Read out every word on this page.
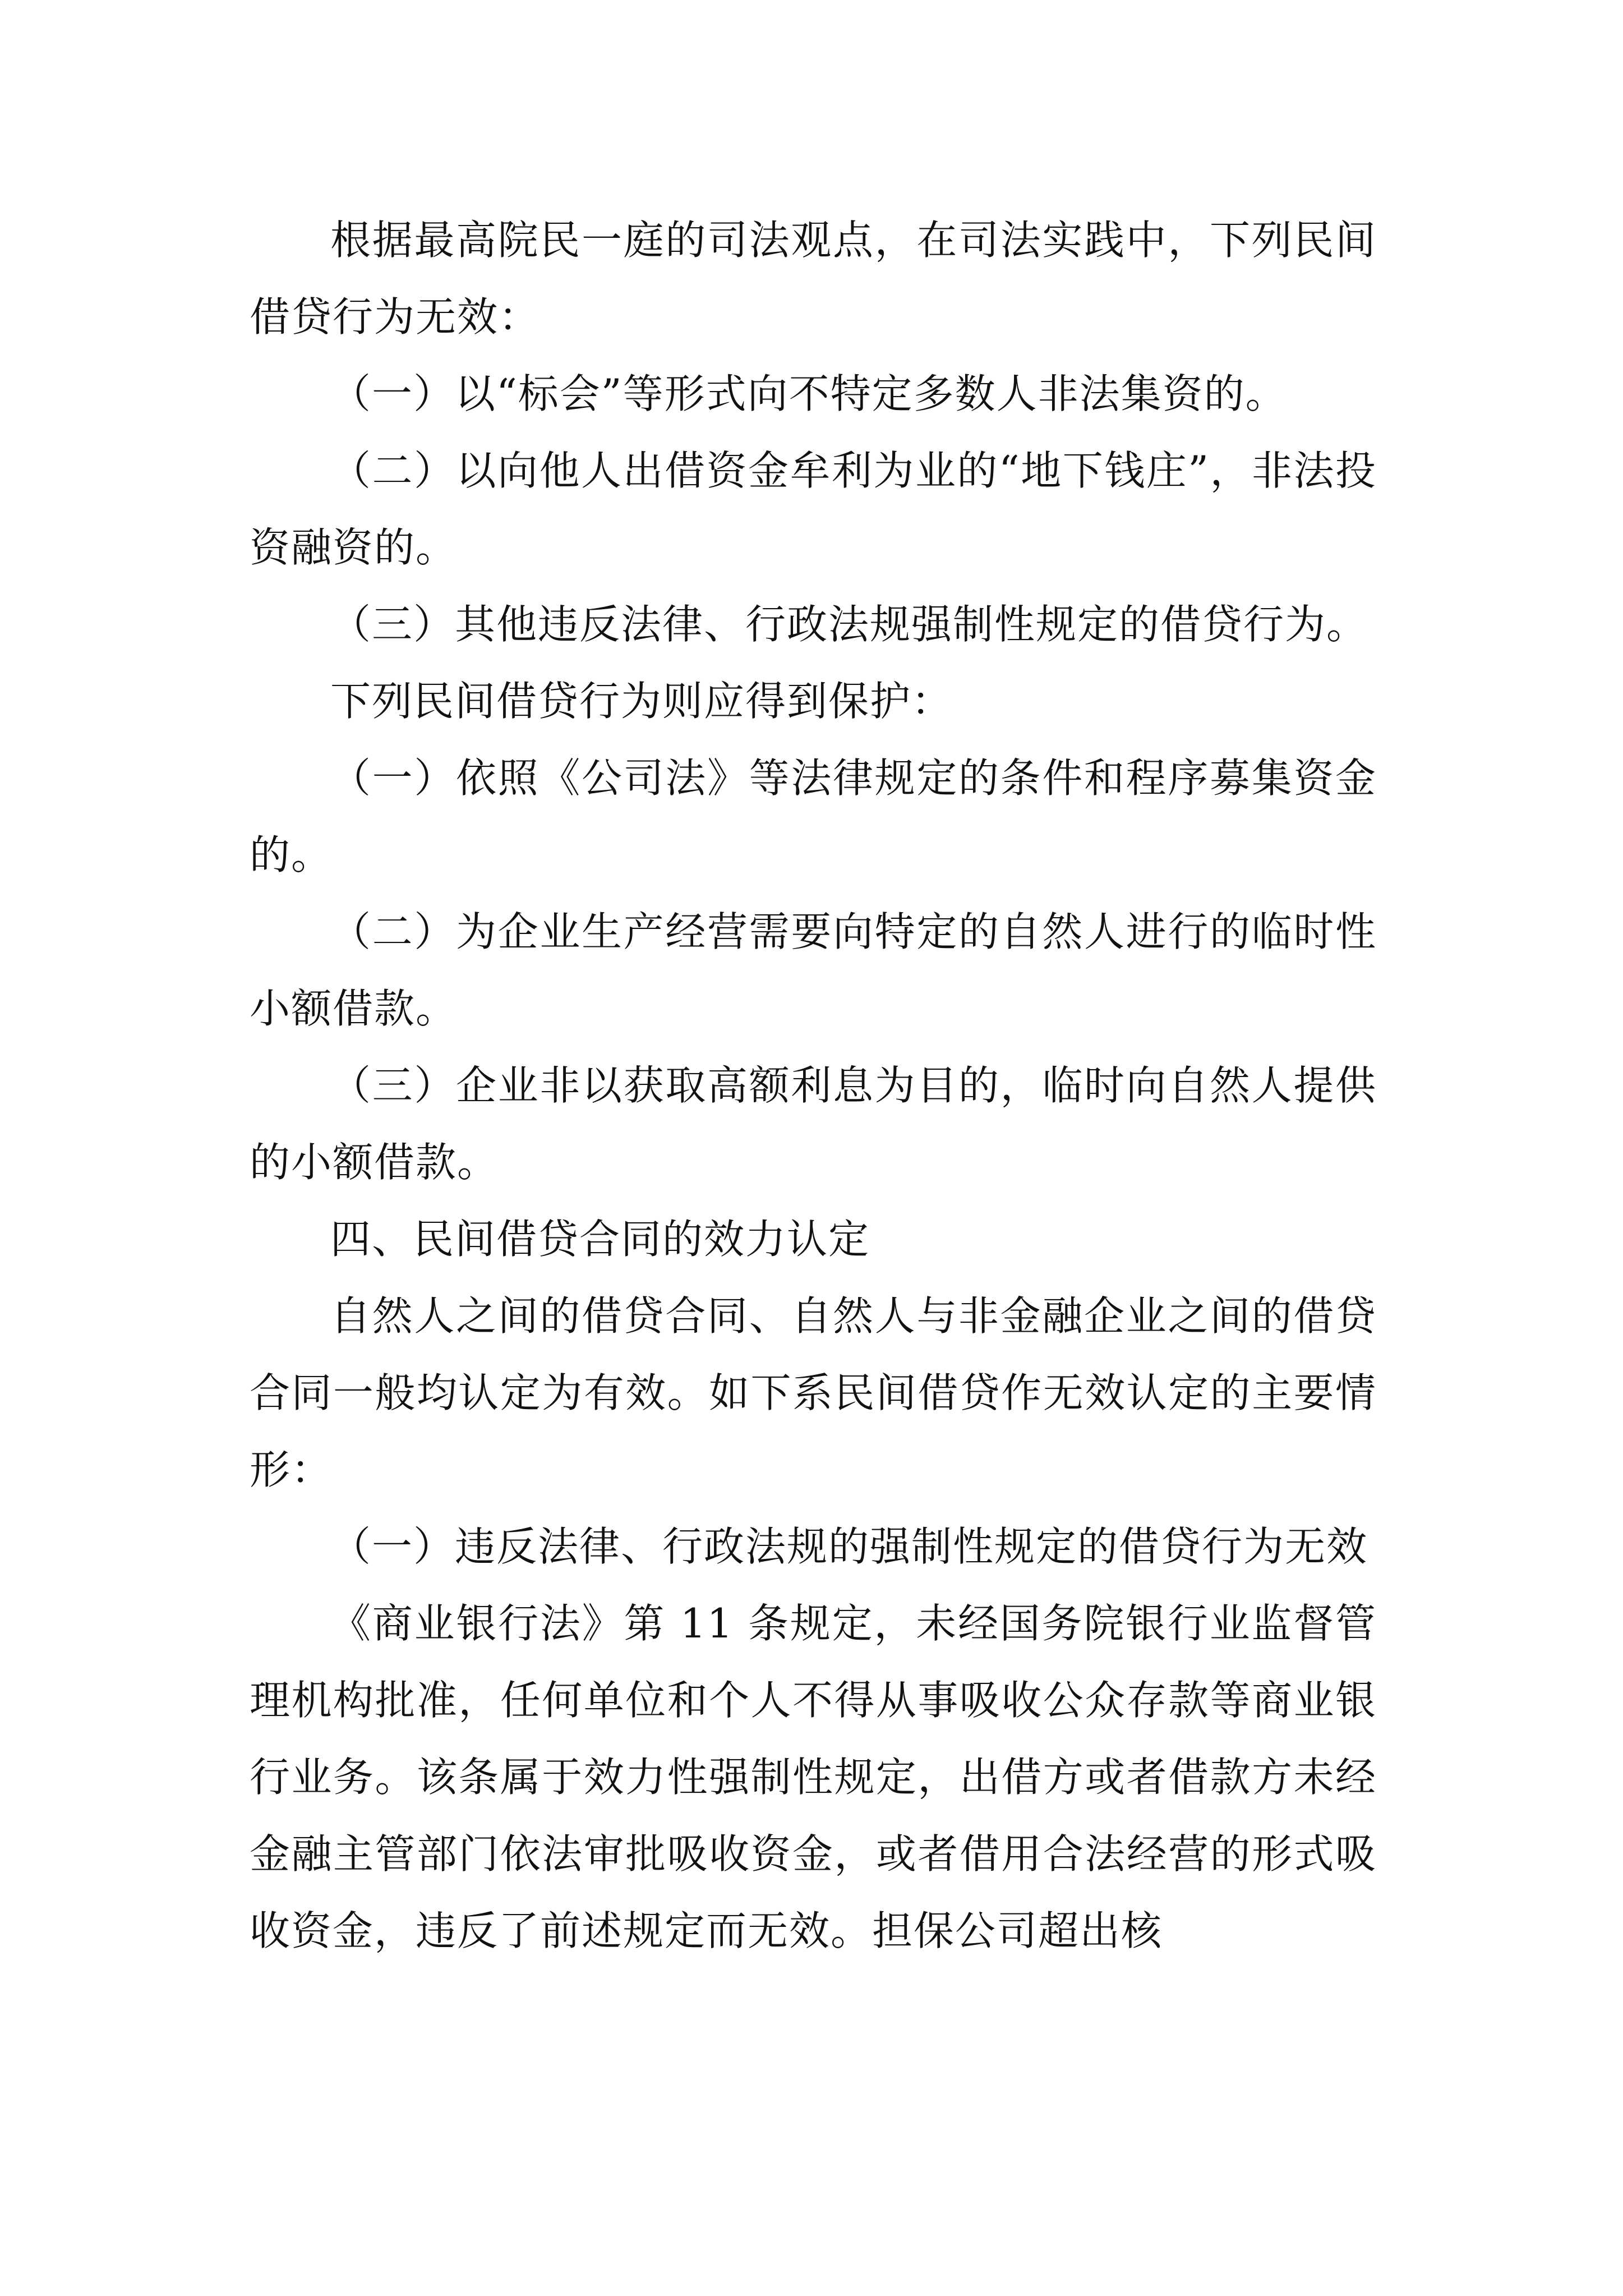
根据最高院民一庭的司法观点，在司法实践中，下列民间借贷行为无效：

（一）以“标会”等形式向不特定多数人非法集资的。

（二）以向他人出借资金牟利为业的“地下钱庄”，非法投资融资的。

（三）其他违反法律、行政法规强制性规定的借贷行为。

下列民间借贷行为则应得到保护：

（一）依照《公司法》等法律规定的条件和程序募集资金的。

（二）为企业生产经营需要向特定的自然人进行的临时性小额借款。

（三）企业非以获取高额利息为目的，临时向自然人提供的小额借款。

四、民间借贷合同的效力认定

自然人之间的借贷合同、自然人与非金融企业之间的借贷合同一般均认定为有效。如下系民间借贷作无效认定的主要情形：

（一）违反法律、行政法规的强制性规定的借贷行为无效

《商业银行法》第 11 条规定，未经国务院银行业监督管理机构批准，任何单位和个人不得从事吸收公众存款等商业银行业务。该条属于效力性强制性规定，出借方或者借款方未经金融主管部门依法审批吸收资金，或者借用合法经营的形式吸收资金，违反了前述规定而无效。担保公司超出核
